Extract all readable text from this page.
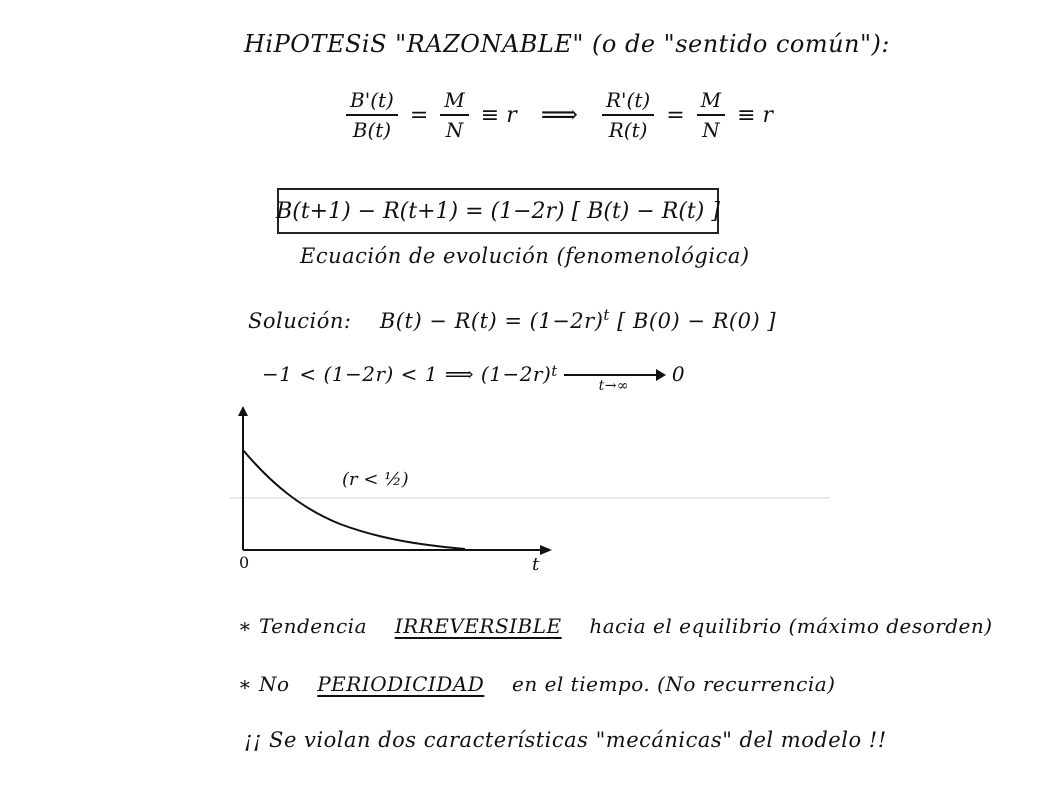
HiPOTESiS "RAZONABLE" (o de "sentido común"):
$\frac{B'(t)}{B(t)} = \frac{M}{N} \equiv r$ ⟹ $\frac{R'(t)}{R(t)} = \frac{M}{N} \equiv r$
B(t+1) − R(t+1) = (1−2r) [ B(t) − R(t) ]
Ecuación de evolución (fenomenológica)
Solución: $B(t) - R(t) = (1-2r)^t$ [ B(0) − R(0) ]
−1 < (1−2r) < 1 ⟹ (1−2r) t
t→∞ 0
(r < ½)
0	t
∗ Tendencia IRREVERSIBLE hacia el equilibrio (máximo desorden)
∗ No PERIODICIDAD en el tiempo. (No recurrencia)
¡¡ Se violan dos características "mecánicas" del modelo !!
